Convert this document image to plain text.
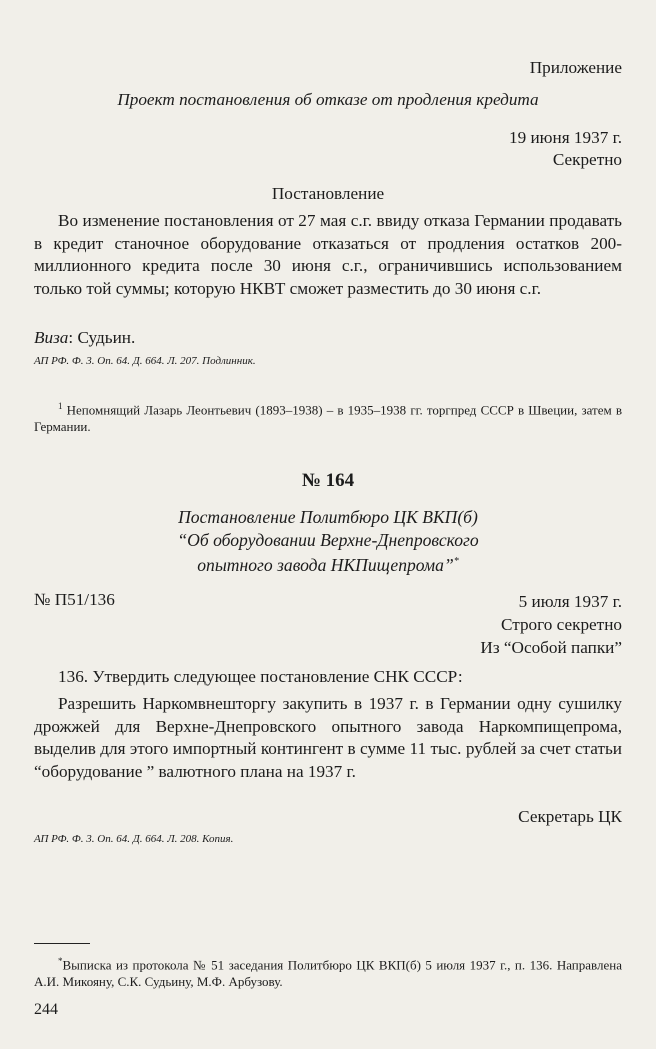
Приложение
Проект постановления об отказе от продления кредита
19 июня 1937 г.
Секретно
Постановление
Во изменение постановления от 27 мая с.г. ввиду отказа Германии продавать в кредит станочное оборудование отказаться от продления остатков 200-миллионного кредита после 30 июня с.г., ограничившись использованием только той суммы; которую НКВТ сможет разместить до 30 июня с.г.
Виза: Судьин.
АП РФ. Ф. 3. Оп. 64. Д. 664. Л. 207. Подлинник.
$^1$ Непомнящий Лазарь Леонтьевич (1893–1938) – в 1935–1938 гг. торгпред СССР в Швеции, затем в Германии.
№ 164
Постановление Политбюро ЦК ВКП(б)
“Об оборудовании Верхне-Днепровского
опытного завода НКПищепрома”*
№ П51/136	5 июля 1937 г.
Строго секретно
Из “Особой папки”
136. Утвердить следующее постановление СНК СССР:
Разрешить Наркомвнешторгу закупить в 1937 г. в Германии одну сушилку дрожжей для Верхне-Днепровского опытного завода Наркомпищепрома, выделив для этого импортный контингент в сумме 11 тыс. рублей за счет статьи “оборудование ” валютного плана на 1937 г.
Секретарь ЦК
АП РФ. Ф. 3. Оп. 64. Д. 664. Л. 208. Копия.
*Выписка из протокола № 51 заседания Политбюро ЦК ВКП(б) 5 июля 1937 г., п. 136. Направлена А.И. Микояну, С.К. Судьину, М.Ф. Арбузову.
244
